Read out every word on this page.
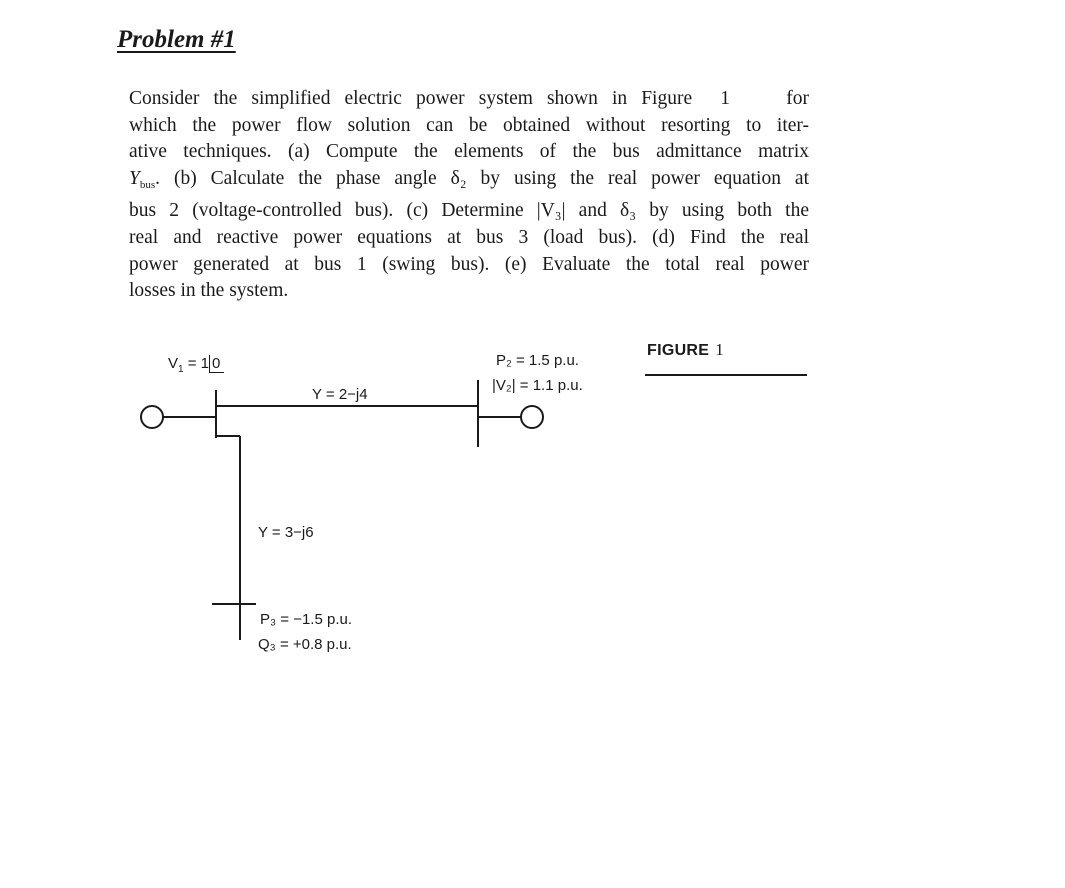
Problem #1
Consider the simplified electric power system shown in Figure 1	for
which the power flow solution can be obtained without resorting to iter-
ative techniques. (a) Compute the elements of the bus admittance matrix
$Y_{bus}$. (b) Calculate the phase angle δ₂ by using the real power equation at
bus 2 (voltage-controlled bus). (c) Determine |V₃| and δ₃ by using both the
real and reactive power equations at bus 3 (load bus). (d) Find the real
power generated at bus 1 (swing bus). (e) Evaluate the total real power
losses in the system.
FIGURE 1
$V_1 = 1$ 0
Y = 2−j4
Y = 3−j6
P₂ = 1.5 p.u.
|V₂| = 1.1 p.u.
P₃ = −1.5 p.u.
Q₃ = +0.8 p.u.
